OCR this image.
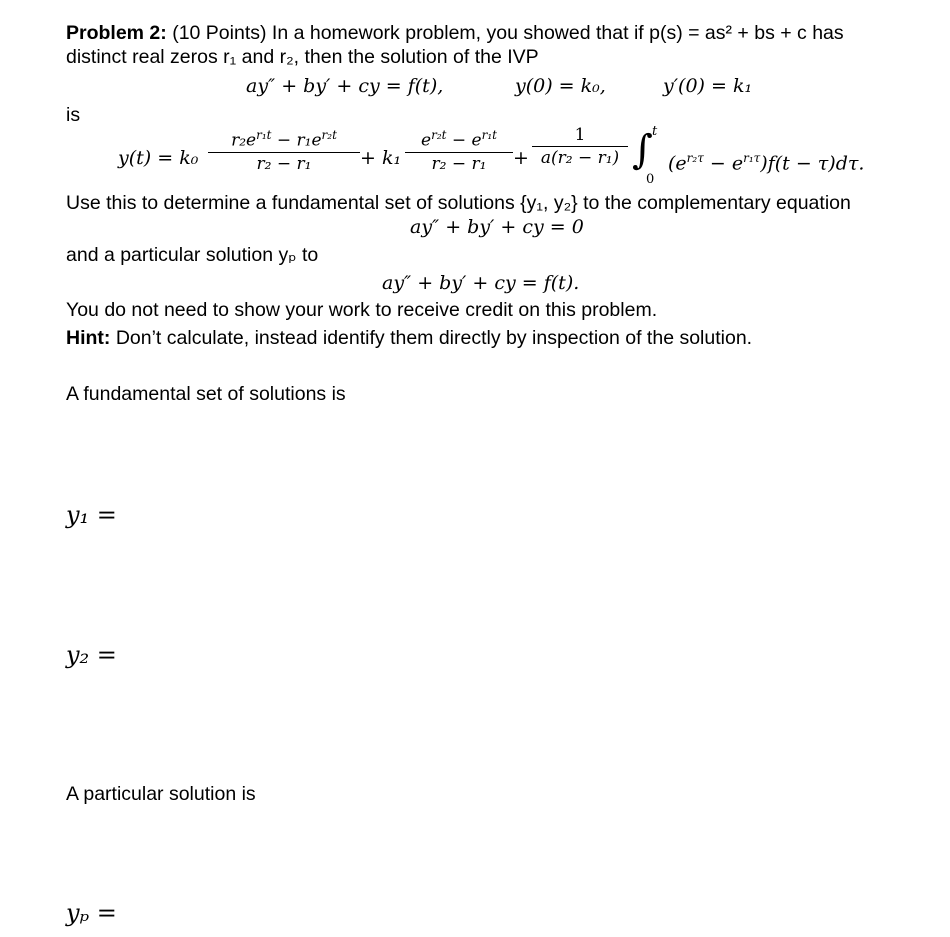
Problem 2: (10 Points) In a homework problem, you showed that if p(s) = as² + bs + c has
distinct real zeros r₁ and r₂, then the solution of the IVP
ay″ + by′ + cy = f(t),	y(0) = k₀,	y′(0) = k₁
is
$y(t) = k_0 \frac{r_2e^{r_1t} - r_1e^{r_2t}}{\text{r₂ − r₁}} + k_1 \frac{e^{r_2t} - e^{r_1t}}{\text{r₂ − r₁}} + \frac{1}{\text{a(r₂ − r₁)}}$ ∫ t
0
$(e^{r_2\tau} - e^{r_1\tau})f(t - \tau)d\tau$.
Use this to determine a fundamental set of solutions {y₁, y₂} to the complementary equation
ay″ + by′ + cy = 0
and a particular solution yₚ to
ay″ + by′ + cy = f(t).
You do not need to show your work to receive credit on this problem.
Hint: Don’t calculate, instead identify them directly by inspection of the solution.
A fundamental set of solutions is
y₁ =
y₂ =
A particular solution is
yₚ =
